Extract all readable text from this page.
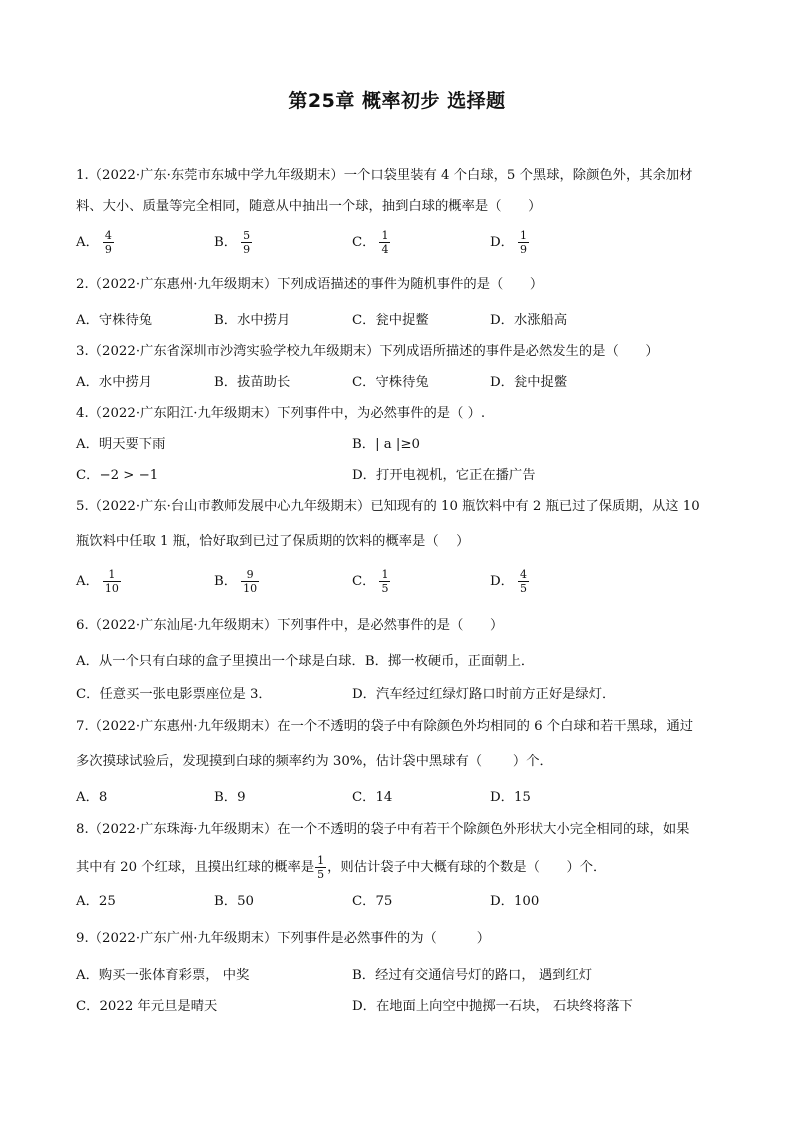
第25章 概率初步 选择题
1.（2022·广东·东莞市东城中学九年级期末）一个口袋里装有 4 个白球，5 个黑球，除颜色外，其余加材
料、大小、质量等完全相同，随意从中抽出一个球，抽到白球的概率是（　　）
A． $\frac{4}{9}$	B． $\frac{5}{9}$	C． $\frac{1}{4}$	D． $\frac{1}{9}$
2.（2022·广东惠州·九年级期末）下列成语描述的事件为随机事件的是（　　）
A．守株待兔	B．水中捞月	C．瓮中捉鳖	D．水涨船高
3.（2022·广东省深圳市沙湾实验学校九年级期末）下列成语所描述的事件是必然发生的是（　　）
A．水中捞月	B．拔苗助长	C．守株待兔	D．瓮中捉鳖
4.（2022·广东阳江·九年级期末）下列事件中，为必然事件的是（ ）.
A．明天要下雨	B．| a |≥0
C．−2 > −1	D．打开电视机，它正在播广告
5.（2022·广东·台山市教师发展中心九年级期末）已知现有的 10 瓶饮料中有 2 瓶已过了保质期，从这 10
瓶饮料中任取 1 瓶，恰好取到已过了保质期的饮料的概率是（　 ）
A． $\frac{1}{10}$	B． $\frac{9}{10}$	C． $\frac{1}{5}$	D． $\frac{4}{5}$
6.（2022·广东汕尾·九年级期末）下列事件中，是必然事件的是（　　）
A．从一个只有白球的盒子里摸出一个球是白球．B．掷一枚硬币，正面朝上．
C．任意买一张电影票座位是 3．	D．汽车经过红绿灯路口时前方正好是绿灯．
7.（2022·广东惠州·九年级期末）在一个不透明的袋子中有除颜色外均相同的 6 个白球和若干黑球，通过
多次摸球试验后，发现摸到白球的频率约为 30%，估计袋中黑球有（　　 ）个．
A．8	B．9	C．14	D．15
8.（2022·广东珠海·九年级期末）在一个不透明的袋子中有若干个除颜色外形状大小完全相同的球，如果
其中有 20 个红球，且摸出红球的概率是 $\frac{1}{5}$ ，则估计袋子中大概有球的个数是（　　）个．
A．25	B．50	C．75	D．100
9.（2022·广东广州·九年级期末）下列事件是必然事件的为（　　　）
A．购买一张体育彩票， 中奖	B．经过有交通信号灯的路口， 遇到红灯
C．2022 年元旦是晴天	D．在地面上向空中抛掷一石块， 石块终将落下
